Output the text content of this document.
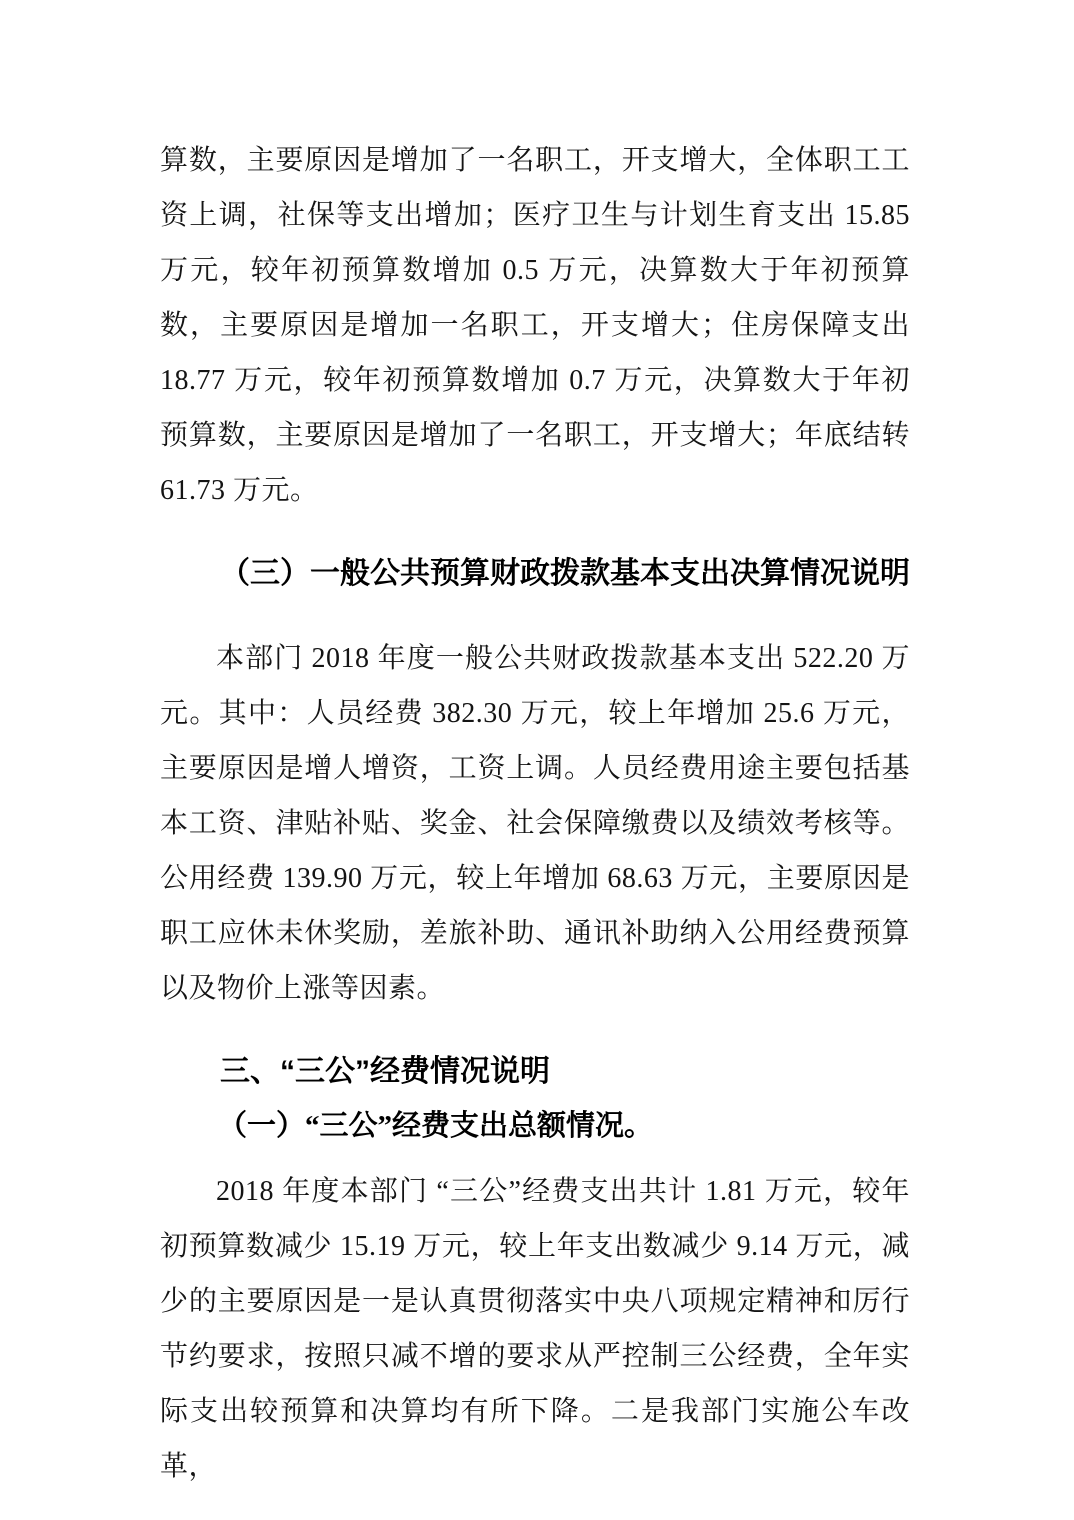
算数，主要原因是增加了一名职工，开支增大，全体职工工资上调，社保等支出增加；医疗卫生与计划生育支出 15.85 万元，较年初预算数增加 0.5 万元，决算数大于年初预算数，主要原因是增加一名职工，开支增大；住房保障支出 18.77 万元，较年初预算数增加 0.7 万元，决算数大于年初预算数，主要原因是增加了一名职工，开支增大；年底结转 61.73 万元。

（三）一般公共预算财政拨款基本支出决算情况说明

本部门 2018 年度一般公共财政拨款基本支出 522.20 万元。其中：人员经费 382.30 万元，较上年增加 25.6 万元，主要原因是增人增资，工资上调。人员经费用途主要包括基本工资、津贴补贴、奖金、社会保障缴费以及绩效考核等。公用经费 139.90 万元，较上年增加 68.63 万元，主要原因是职工应休未休奖励，差旅补助、通讯补助纳入公用经费预算以及物价上涨等因素。

三、“三公”经费情况说明
（一）“三公”经费支出总额情况。

2018 年度本部门 “三公”经费支出共计 1.81 万元，较年初预算数减少 15.19 万元，较上年支出数减少 9.14 万元，减少的主要原因是一是认真贯彻落实中央八项规定精神和厉行节约要求，按照只减不增的要求从严控制三公经费，全年实际支出较预算和决算均有所下降。二是我部门实施公车改革，
